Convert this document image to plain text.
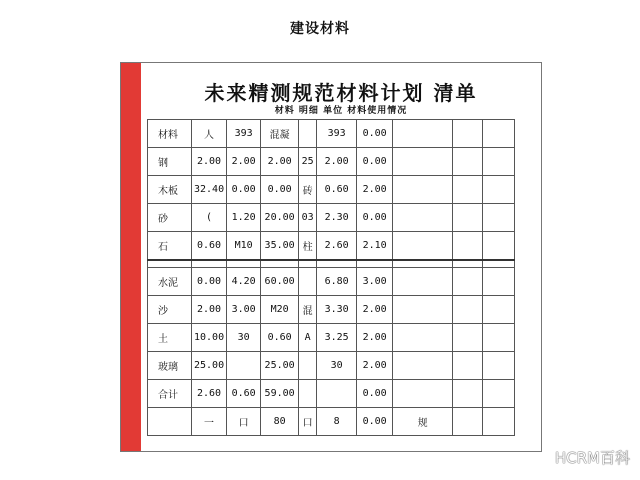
建设材料
未来精测规范材料计划 清单
材料 明细 单位 材料使用情况
材料	人	393	混凝		393	0.00			
钢	2.00	2.00	2.00	25	2.00	0.00			
木板	32.40	0.00	0.00	砖	0.60	2.00			
砂	(	1.20	20.00	03	2.30	0.00			
石	0.60	M10	35.00	柱	2.60	2.10			

水泥	0.00	4.20	60.00		6.80	3.00			
沙	2.00	3.00	M20	混	3.30	2.00			
土	10.00	30	0.60	A	3.25	2.00			
玻璃	25.00		25.00		30	2.00			
合计	2.60	0.60	59.00			0.00			
	一	口	80	口	8	0.00	规		
HCRM百科
